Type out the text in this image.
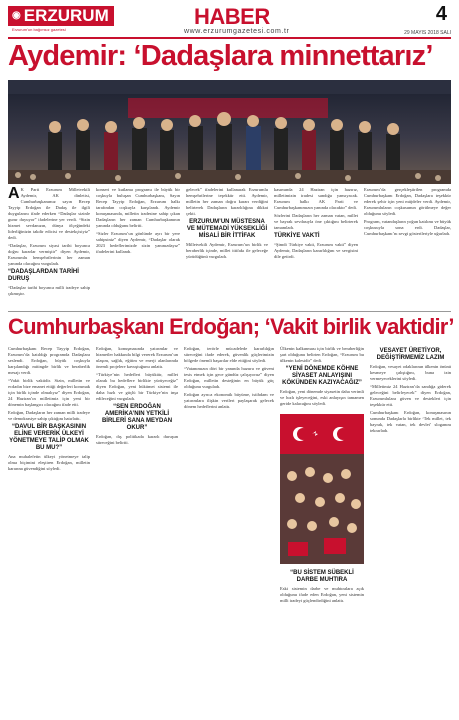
◉ ERZURUM
Erzurum'un bağımsız gazetesi
HABER
www.erzurumgazetesi.com.tr
4
29 MAYIS 2018 SALI
Aydemir: ‘Dadaşlara minnettarız’

A K Parti Erzurum Milletvekili Aydemir, AK dinletisi, Cumhurbaşkanımız sayın Recep Tayyip Erdoğan ile Dadaş ile ilgili duygularını ifade ederken “Dadaşlar sizinle gurur duyuyor” ifadelerine yer verdi. “Sizin hizmet sevdanızın, dünya ölçeğindeki liderliğinizin takdir edicisi ve destekçisiyiz” dedi.

“Dadaşlar, Erzurum siyasi tarihi boyunca doğru kararlar vermiştir” diyen Aydemir, Erzurumlu hemşehrilerinin her zaman yanında olacağını vurguladı.

“DADAŞLARDAN TARİHİ DURUŞ

“Dadaşlar tarihi boyunca milli iradeye sahip çıkmıştır.

konseri ve kutlama programı ile büyük bir coşkuyla buluşan Cumhurbaşkanı, Sayın Recep Tayyip Erdoğan, Erzurum halkı tarafından coşkuyla karşılandı. Aydemir konuşmasında, milletin iradesine sahip çıkan Dadaşların her zaman Cumhurbaşkanının yanında olduğunu belirtti.

“Sizler Erzurum’un gönlünde ayrı bir yere sahipsiniz” diyen Aydemir, “Dadaşlar olarak 2023 hedeflerimizde sizin yanınızdayız” ifadelerini kullandı.

gelecek” ifadelerini kullanarak Erzurumlu hemşehrilerine teşekkür etti. Aydemir, milletin her zaman doğru kararı verdiğini belirterek Dadaşların kararlılığına dikkat çekti.

ERZURUM’UN MÜSTESNA VE MÜTEMADİ YÜKSEKLİĞİ MİSALİ BİR İTTİFAK

Milletvekili Aydemir, Erzurum’un birlik ve beraberlik içinde, millet ittifakı ile geleceğe yürüdüğünü vurguladı.

kasımında 24 Haziran için hazırız, milletimizin iradesi sandığa yansıyacak. Erzurum halkı AK Parti ve Cumhurbaşkanımızın yanında olacaktır” dedi.

Sözlerini Dadaşların her zaman vatan, millet ve bayrak sevdasıyla öne çıktığını belirterek tamamladı.

TÜRKİYE VAKTİ

“Şimdi Türkiye vakti, Erzurum vakti” diyen Aydemir, Dadaşların kararlılığını ve sevgisini dile getirdi.

Erzurum’da gerçekleştirilen programda Cumhurbaşkanı Erdoğan, Dadaşlara teşekkür ederek şehir için yeni müjdeler verdi. Aydemir, Erzurumluların coşkusunun görülmeye değer olduğunu söyledi.

Program, vatandaşların yoğun katılımı ve büyük coşkusuyla sona erdi. Dadaşlar, Cumhurbaşkanı’nı sevgi gösterileriyle uğurladı.

Cumhurbaşkanı Erdoğan; ‘Vakit birlik vaktidir’

Cumhurbaşkanı Recep Tayyip Erdoğan, Erzurum’da katıldığı programda Dadaşlara seslendi. Erdoğan, büyük coşkuyla karşılandığı mitingde birlik ve beraberlik mesajı verdi.

“Vakit birlik vaktidir. Sizin, milletin ve ecdadın bize emanet ettiği değerleri korumak için birlik içinde olmalıyız” diyen Erdoğan, 24 Haziran’ın milletimiz için yeni bir dönemin başlangıcı olacağını ifade etti.

Erdoğan, Dadaşların her zaman milli iradeye ve demokrasiye sahip çıktığını hatırlattı.

“DAVUL BİR BAŞKASININ ELİNE VERERİK ÜLKEYİ YÖNETMEYE TALİP OLMAK BU MU?”

Ana muhalefetin ülkeyi yönetmeye talip olma biçimini eleştiren Erdoğan, milletin kararına güvendiğini söyledi.

Erdoğan, konuşmasında yatırımlar ve hizmetler hakkında bilgi vererek Erzurum’un ulaşım, sağlık, eğitim ve enerji alanlarında önemli projelere kavuştuğunu anlattı.

“Türkiye’nin hedefleri büyüktür, millet olarak bu hedeflere birlikte yürüyeceğiz” diyen Erdoğan, yeni hükümet sistemi ile daha hızlı ve güçlü bir Türkiye’nin inşa edileceğini vurguladı.

“SEN ERDOĞAN AMERİKA’NIN YETKİLİ BİRLERİ SANA MEYDAN OKUR”

Erdoğan, dış politikada kararlı duruşun süreceğini belirtti.

Erdoğan, terörle mücadelede kararlılığın süreceğini ifade ederek, güvenlik güçlerimizin bölgede önemli başarılar elde ettiğini söyledi.

“Vatanımızın dört bir yanında huzuru ve güveni tesis etmek için gece gündüz çalışıyoruz” diyen Erdoğan, milletin desteğinin en büyük güç olduğunu vurguladı.

Erdoğan ayrıca ekonomik büyüme, istihdam ve yatırımlara ilişkin verileri paylaşarak gelecek dönem hedeflerini anlattı.

Ülkenin kalkınması için birlik ve beraberliğin şart olduğunu belirten Erdoğan, “Erzurum bu ülkenin kalesidir” dedi.

“YENİ DÖNEMDE KÖHNE SİYASET ANLAYIŞINI KÖKÜNDEN KAZIYACAĞIZ”

Erdoğan, yeni dönemde siyasetin daha verimli ve hızlı işleyeceğini, eski anlayışın tamamen geride kalacağını söyledi.

VESAYET ÜRETİYOR, DEĞİŞTİRMEMİZ LAZIM

Erdoğan, vesayet odaklarının ülkenin önünü kesmeye çalıştığını, buna izin vermeyeceklerini söyledi.

“Milletimiz 24 Haziran’da sandığa giderek geleceğini belirleyecek” diyen Erdoğan, Erzurumlulara güven ve destekleri için teşekkür etti.

Cumhurbaşkanı Erdoğan, konuşmasının sonunda Dadaşlarla birlikte ‘Tek millet, tek bayrak, tek vatan, tek devlet’ sloganını tekrarladı.

“BU SİSTEM SÜBEKLİ DARBE MUHTIRA

Eski sistemin darbe ve muhtıralara açık olduğunu ifade eden Erdoğan, yeni sistemin milli iradeyi güçlendirdiğini anlattı.
